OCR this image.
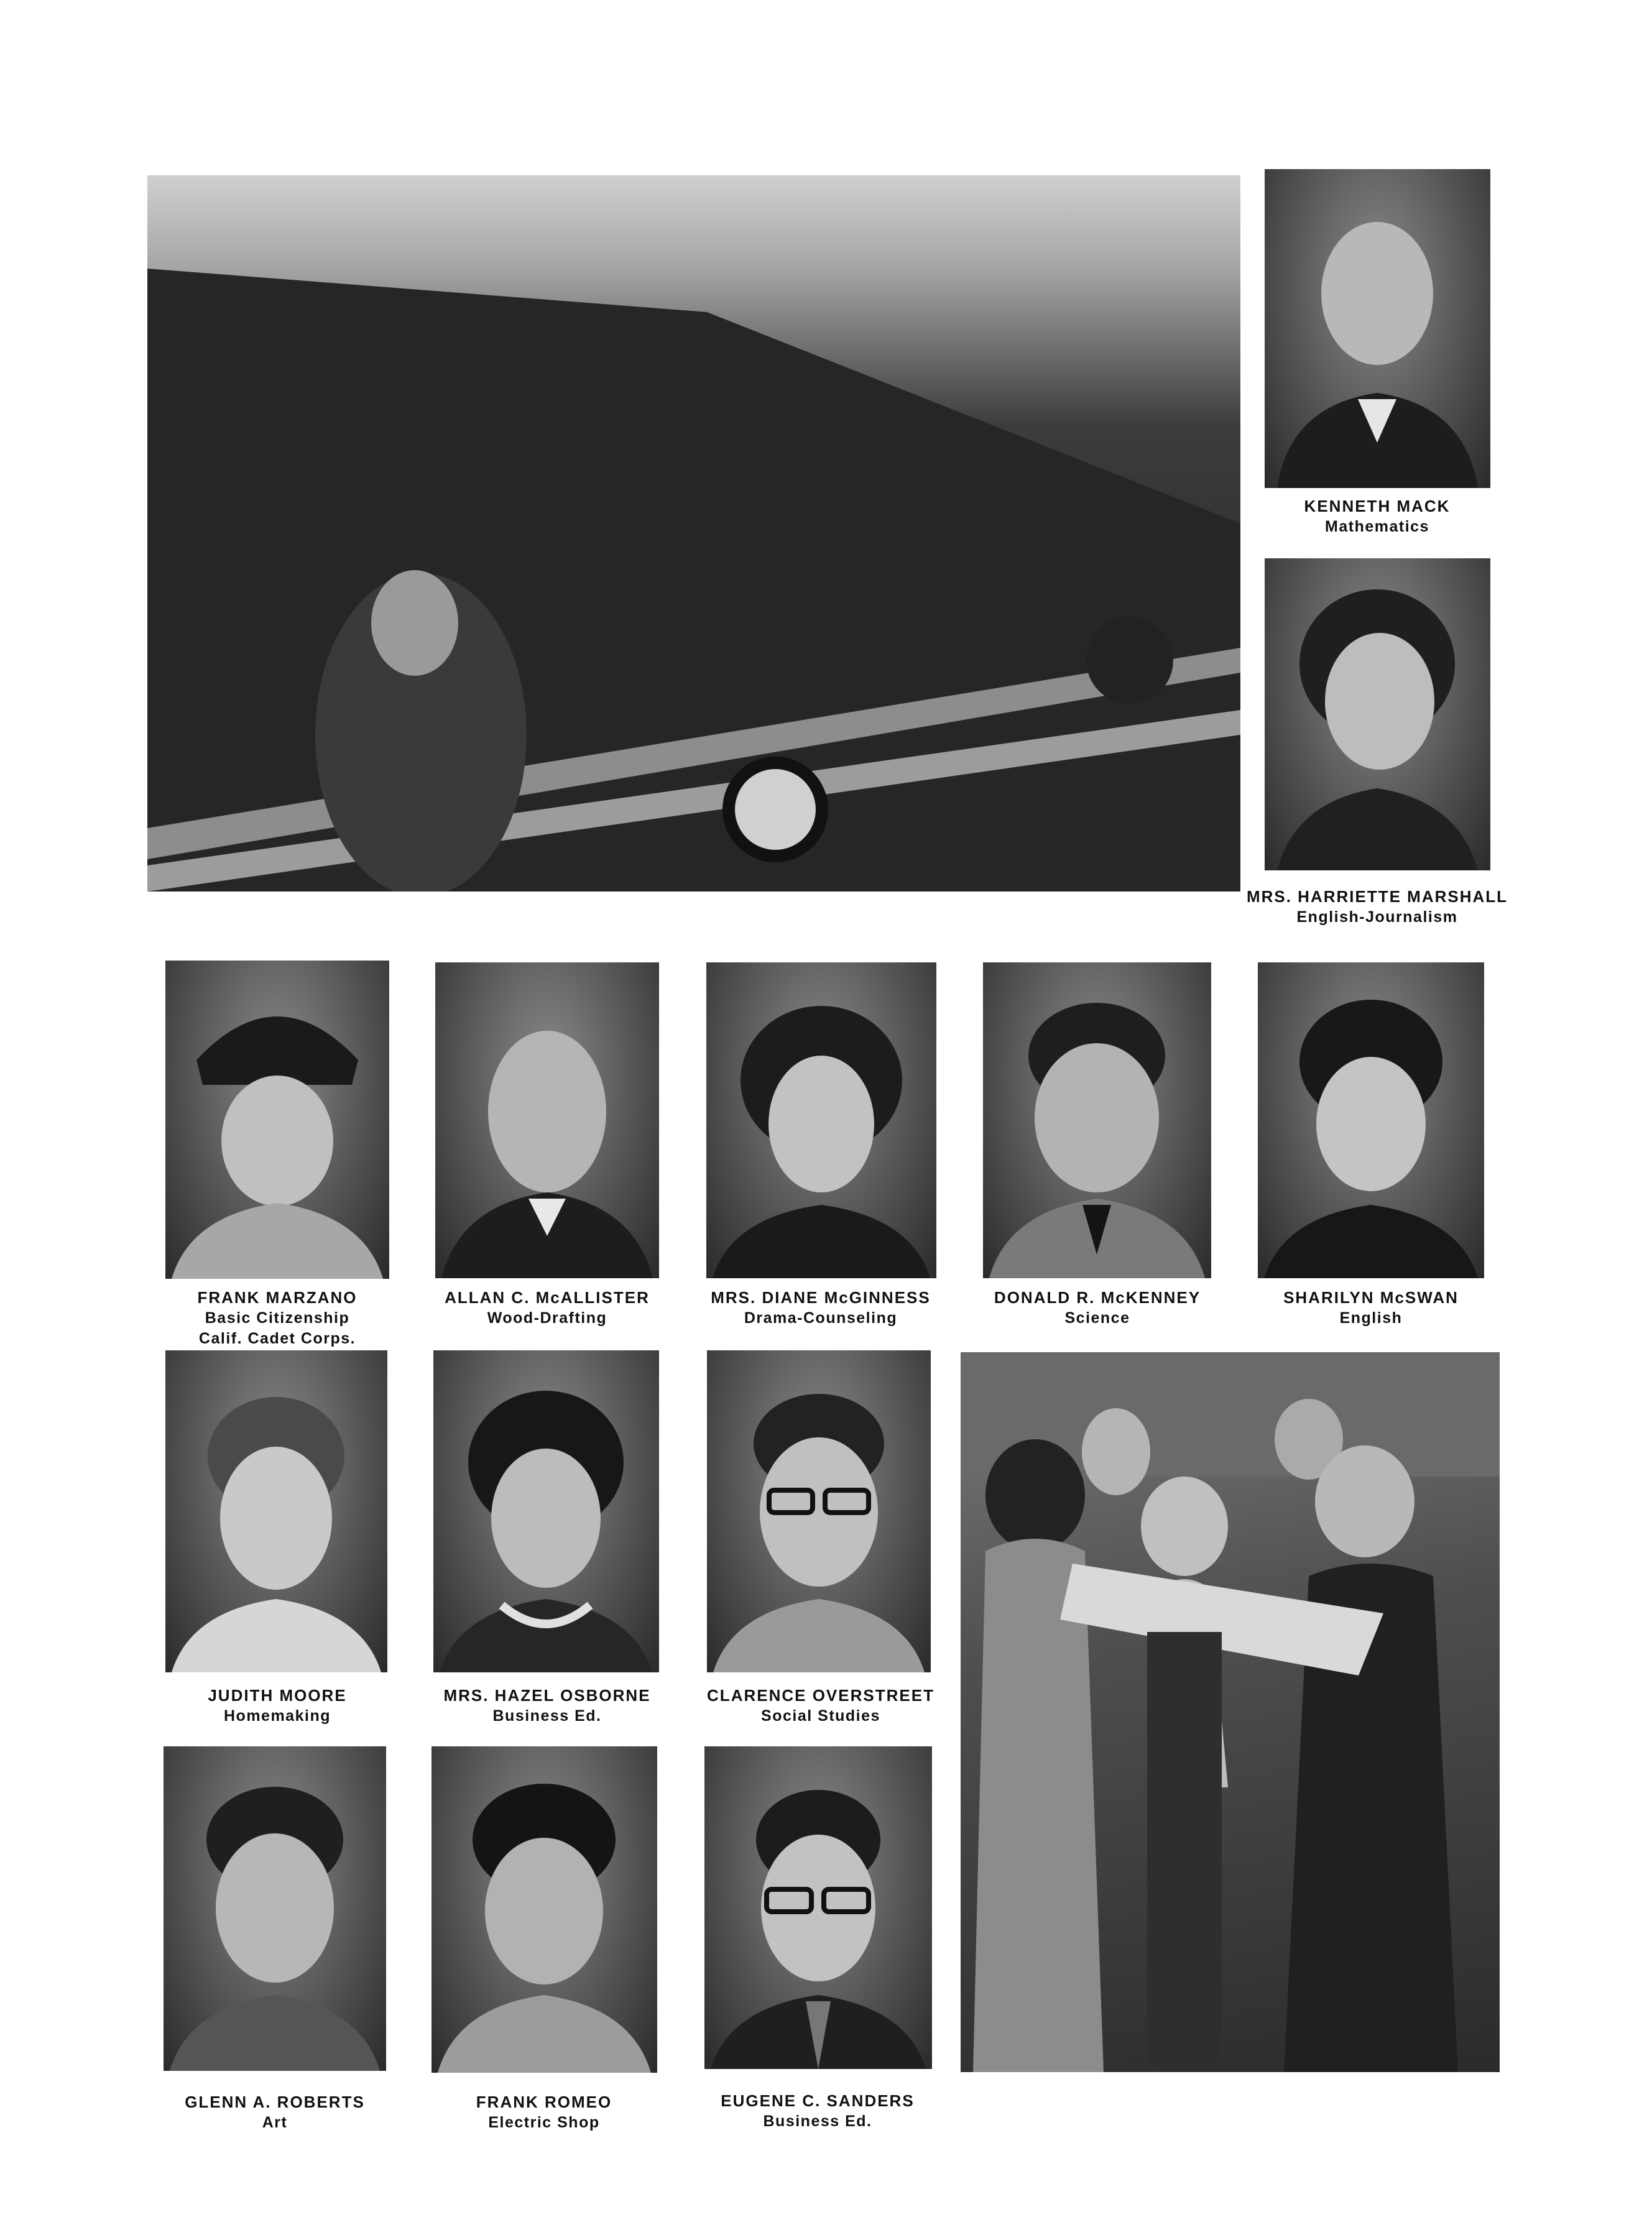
KENNETH MACK
Mathematics
MRS. HARRIETTE MARSHALL
English-Journalism
FRANK MARZANO
Basic Citizenship
Calif. Cadet Corps.
ALLAN C. McALLISTER
Wood-Drafting
MRS. DIANE McGINNESS
Drama-Counseling
DONALD R. McKENNEY
Science
SHARILYN McSWAN
English
JUDITH MOORE
Homemaking
MRS. HAZEL OSBORNE
Business Ed.
CLARENCE OVERSTREET
Social Studies
GLENN A. ROBERTS
Art
FRANK ROMEO
Electric Shop
EUGENE C. SANDERS
Business Ed.
